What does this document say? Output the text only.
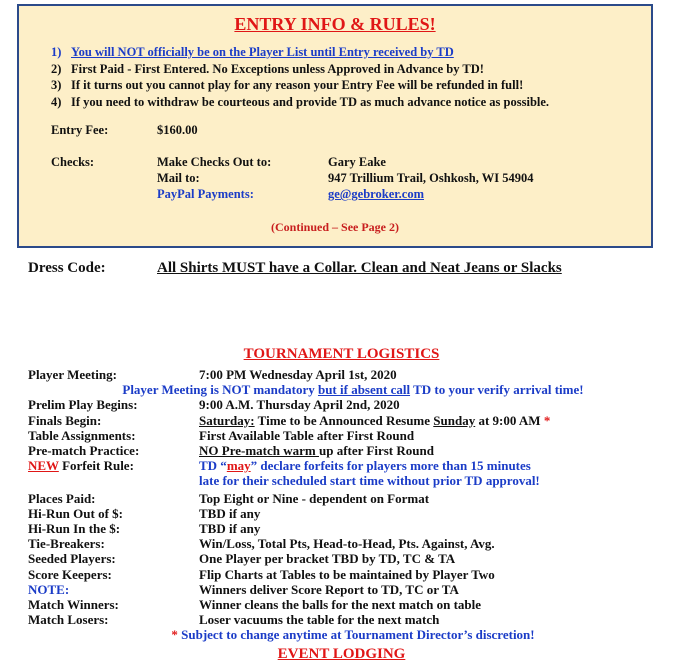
ENTRY INFO & RULES!
1) You will NOT officially be on the Player List until Entry received by TD
2) First Paid - First Entered. No Exceptions unless Approved in Advance by TD!
3) If it turns out you cannot play for any reason your Entry Fee will be refunded in full!
4) If you need to withdraw be courteous and provide TD as much advance notice as possible.
Entry Fee:	$160.00
Checks:	Make Checks Out to:	Gary Eake
Mail to:	947 Trillium Trail, Oshkosh, WI 54904
PayPal Payments:	ge@gebroker.com
(Continued – See Page 2)
Dress Code:	All Shirts MUST have a Collar. Clean and Neat Jeans or Slacks
TOURNAMENT LOGISTICS
Player Meeting:	7:00 PM Wednesday April 1st, 2020
Player Meeting is NOT mandatory but if absent call TD to your verify arrival time!
Prelim Play Begins:	9:00 A.M. Thursday April 2nd, 2020
Finals Begin:	Saturday: Time to be Announced Resume Sunday at 9:00 AM *
Table Assignments:	First Available Table after First Round
Pre-match Practice:	NO Pre-match warm up after First Round
NEW Forfeit Rule:	TD “may” declare forfeits for players more than 15 minutes
late for their scheduled start time without prior TD approval!
Places Paid:	Top Eight or Nine - dependent on Format
Hi-Run Out of $:	TBD if any
Hi-Run In the $:	TBD if any
Tie-Breakers:	Win/Loss, Total Pts, Head-to-Head, Pts. Against, Avg.
Seeded Players:	One Player per bracket TBD by TD, TC & TA
Score Keepers:	Flip Charts at Tables to be maintained by Player Two
NOTE:	Winners deliver Score Report to TD, TC or TA
Match Winners:	Winner cleans the balls for the next match on table
Match Losers:	Loser vacuums the table for the next match
* Subject to change anytime at Tournament Director’s discretion!
EVENT LODGING
